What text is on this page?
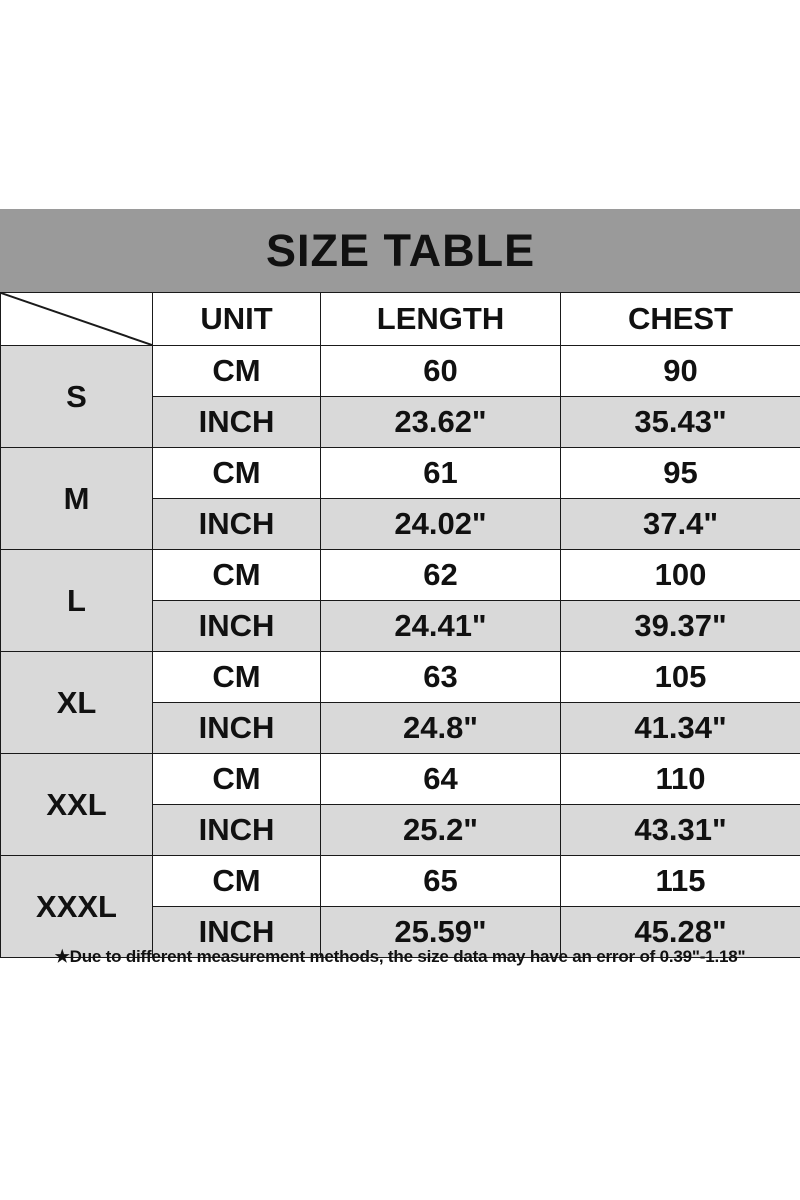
SIZE TABLE			

	UNIT	LENGTH	CHEST
S	CM	60	90
	INCH	23.62"	35.43"
M	CM	61	95
	INCH	24.02"	37.4"
L	CM	62	100
	INCH	24.41"	39.37"
XL	CM	63	105
	INCH	24.8"	41.34"
XXL	CM	64	110
	INCH	25.2"	43.31"
XXXL	CM	65	115
	INCH	25.59"	45.28"
★Due to different measurement methods, the size data may have an error of 0.39"-1.18"
